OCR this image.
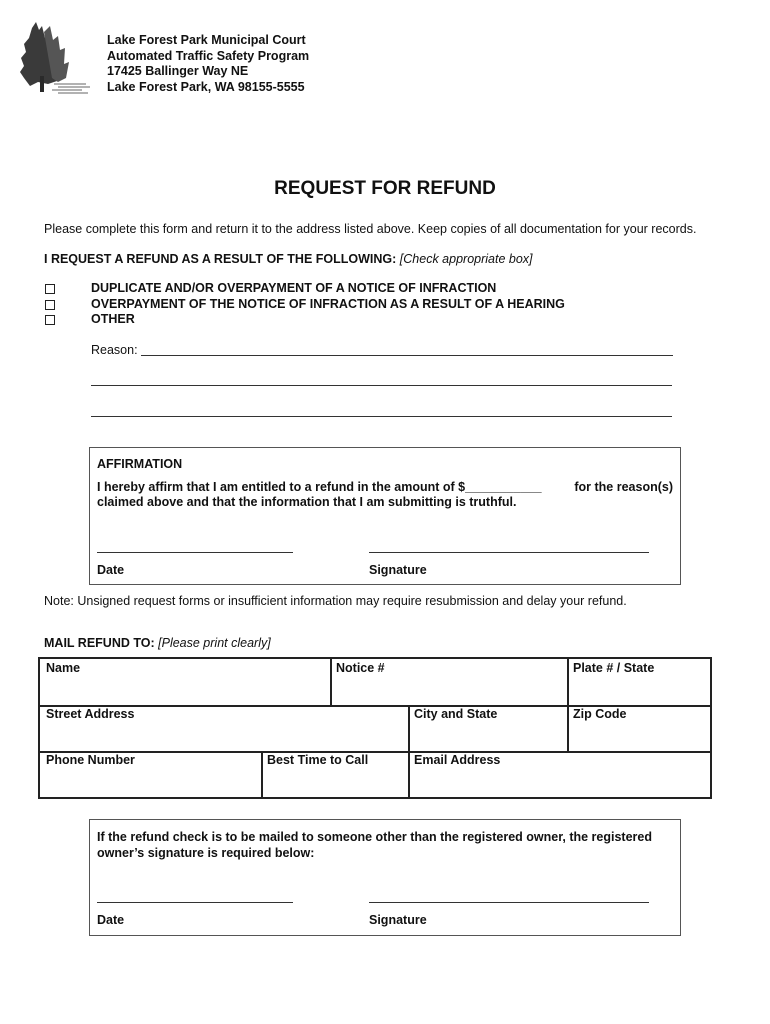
Lake Forest Park Municipal Court
Automated Traffic Safety Program
17425 Ballinger Way NE
Lake Forest Park, WA 98155-5555
REQUEST FOR REFUND
Please complete this form and return it to the address listed above. Keep copies of all documentation for your records.
I REQUEST A REFUND AS A RESULT OF THE FOLLOWING: [Check appropriate box]
DUPLICATE AND/OR OVERPAYMENT OF A NOTICE OF INFRACTION
OVERPAYMENT OF THE NOTICE OF INFRACTION AS A RESULT OF A HEARING
OTHER
Reason:
AFFIRMATION
I hereby affirm that I am entitled to a refund in the amount of $___________	for the reason(s)
claimed above and that the information that I am submitting is truthful.
Date	Signature
Note: Unsigned request forms or insufficient information may require resubmission and delay your refund.
MAIL REFUND TO: [Please print clearly]
Name	Notice #	Plate # / State
Street Address	City and State	Zip Code
Phone Number	Best Time to Call	Email Address
If the refund check is to be mailed to someone other than the registered owner, the registered owner’s signature is required below:
Date	Signature
